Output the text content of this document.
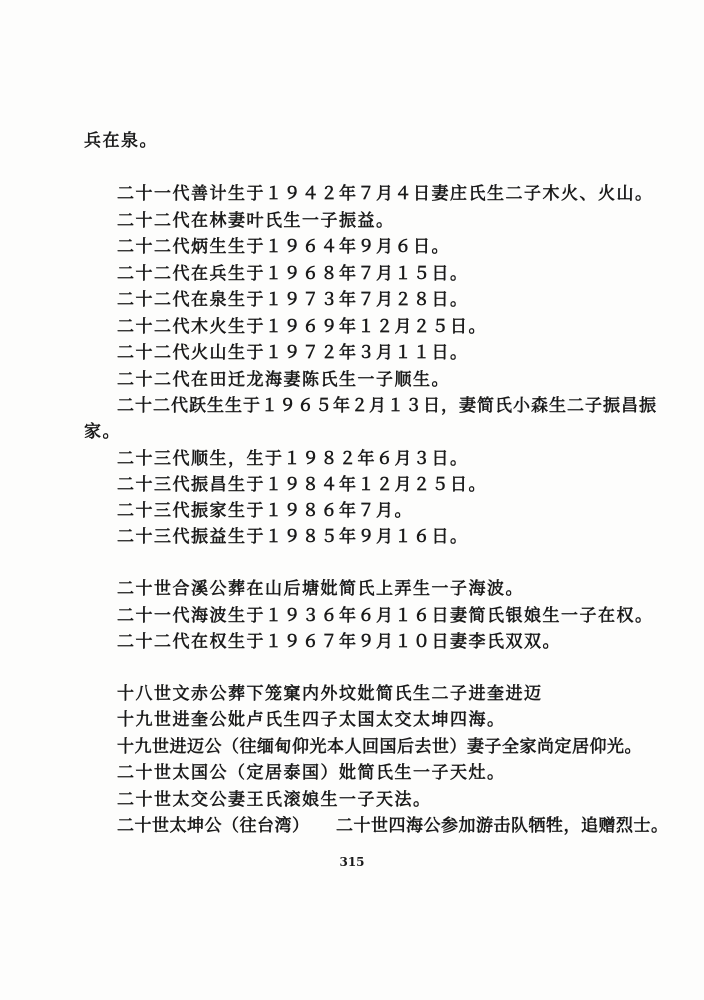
兵在泉。
二十一代善计生于１９４２年７月４日妻庄氏生二子木火、火山。
二十二代在林妻叶氏生一子振益。
二十二代炳生生于１９６４年９月６日。
二十二代在兵生于１９６８年７月１５日。
二十二代在泉生于１９７３年７月２８日。
二十二代木火生于１９６９年１２月２５日。
二十二代火山生于１９７２年３月１１日。
二十二代在田迁龙海妻陈氏生一子顺生。
二十二代跃生生于１９６５年２月１３日，妻简氏小森生二子振昌振
家。
二十三代顺生，生于１９８２年６月３日。
二十三代振昌生于１９８４年１２月２５日。
二十三代振家生于１９８６年７月。
二十三代振益生于１９８５年９月１６日。
二十世合溪公葬在山后塘妣简氏上弄生一子海波。
二十一代海波生于１９３６年６月１６日妻简氏银娘生一子在权。
二十二代在权生于１９６７年９月１０日妻李氏双双。
十八世文赤公葬下笼窠内外坟妣简氏生二子进奎进迈
十九世进奎公妣卢氏生四子太国太交太坤四海。
十九世进迈公（往缅甸仰光本人回国后去世）妻子全家尚定居仰光。
二十世太国公（定居泰国）妣简氏生一子天灶。
二十世太交公妻王氏滚娘生一子天法。
二十世太坤公（往台湾）　　二十世四海公参加游击队牺牲，追赠烈士。
315
